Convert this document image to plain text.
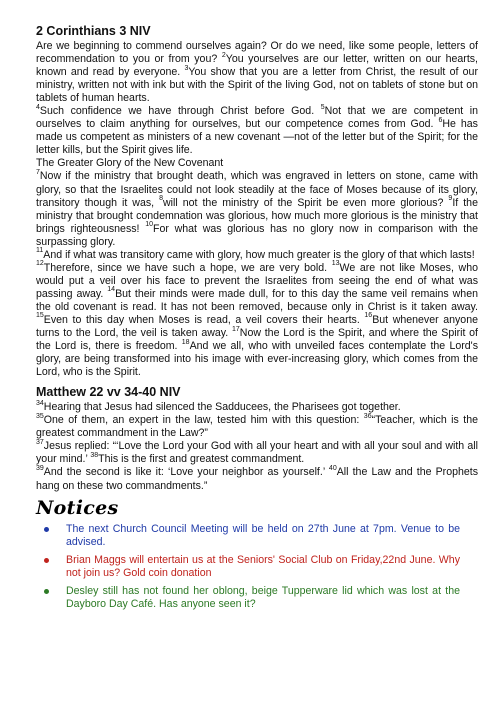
2 Corinthians 3 NIV

Are we beginning to commend ourselves again? Or do we need, like some people, letters of recommendation to you or from you? $^2$You yourselves are our letter, written on our hearts, known and read by everyone. $^3$You show that you are a letter from Christ, the result of our ministry, written not with ink but with the Spirit of the living God, not on tablets of stone but on tablets of human hearts.
$^4$Such confidence we have through Christ before God. $^5$Not that we are competent in ourselves to claim anything for ourselves, but our competence comes from God. $^6$He has made us competent as ministers of a new covenant —not of the letter but of the Spirit; for the letter kills, but the Spirit gives life.

The Greater Glory of the New Covenant

$^7$Now if the ministry that brought death, which was engraved in letters on stone, came with glory, so that the Israelites could not look steadily at the face of Moses because of its glory, transitory though it was, $^8$will not the ministry of the Spirit be even more glorious? $^9$If the ministry that brought condemnation was glorious, how much more glorious is the ministry that brings righteousness! $^{10}$For what was glorious has no glory now in comparison with the surpassing glory.
$^{11}$And if what was transitory came with glory, how much greater is the glory of that which lasts!
$^{12}$Therefore, since we have such a hope, we are very bold. $^{13}$We are not like Moses, who would put a veil over his face to prevent the Israelites from seeing the end of what was passing away. $^{14}$But their minds were made dull, for to this day the same veil remains when the old covenant is read. It has not been removed, because only in Christ is it taken away. $^{15}$Even to this day when Moses is read, a veil covers their hearts. $^{16}$But whenever anyone turns to the Lord, the veil is taken away. $^{17}$Now the Lord is the Spirit, and where the Spirit of the Lord is, there is freedom. $^{18}$And we all, who with unveiled faces contemplate the Lord's glory, are being transformed into his image with ever-increasing glory, which comes from the Lord, who is the Spirit.

Matthew 22 vv 34-40 NIV

$^{34}$Hearing that Jesus had silenced the Sadducees, the Pharisees got together.
$^{35}$One of them, an expert in the law, tested him with this question: $^{36}$“Teacher, which is the greatest commandment in the Law?”
$^{37}$Jesus replied: “‘Love the Lord your God with all your heart and with all your soul and with all your mind.’ $^{38}$This is the first and greatest commandment.
$^{39}$And the second is like it: ‘Love your neighbor as yourself.’ $^{40}$All the Law and the Prophets hang on these two commandments.”

Notices
The next Church Council Meeting will be held on 27th June at 7pm. Venue to be advised.
Brian Maggs will entertain us at the Seniors' Social Club on Friday,22nd June. Why not join us? Gold coin donation
Desley still has not found her oblong, beige Tupperware lid which was lost at the Dayboro Day Café. Has anyone seen it?
